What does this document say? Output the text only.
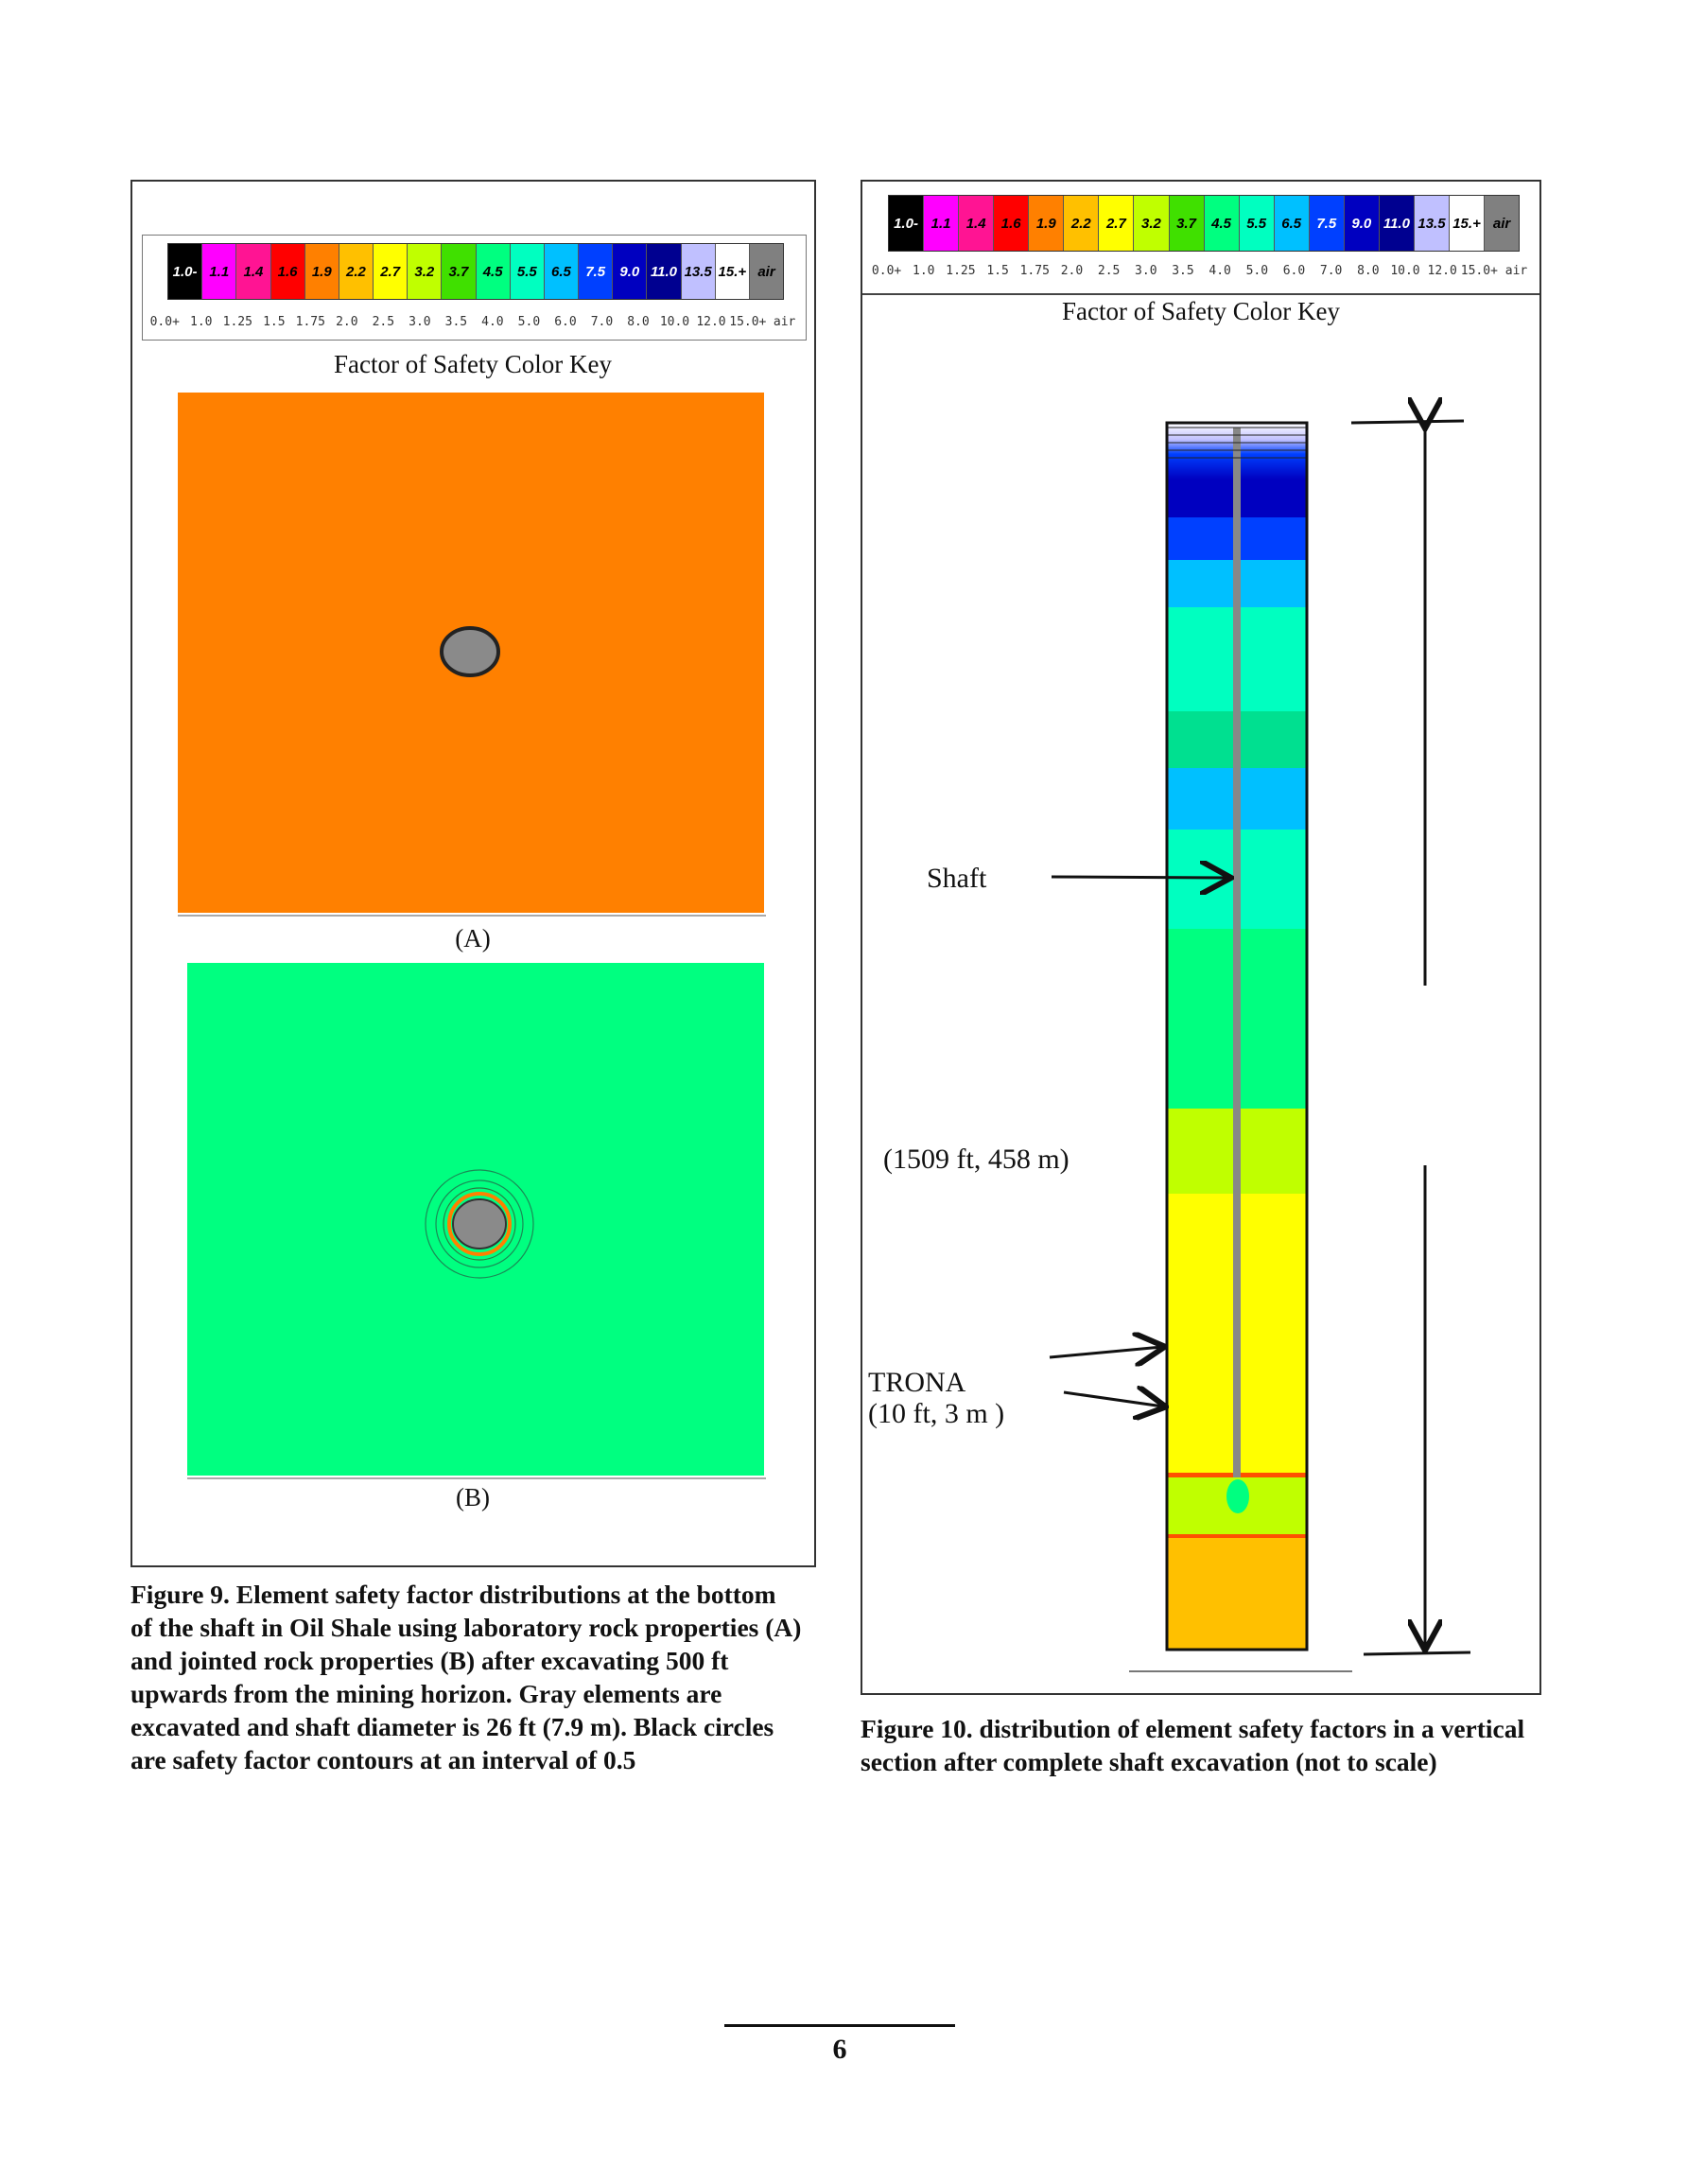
1.0- 1.1	1.4	1.6	1.9	2.2	2.7	3.2	3.7	4.5	5.5	6.5	7.5	9.0 11.0 13.5 15.+ air
0.0+ 1.0 1.25 1.5 1.75 2.0	2.5	3.0	3.5	4.0	5.0	6.0	7.0	8.0 10.0 12.0 15.0+ air
Factor of Safety Color Key
(A)
(B)
Figure 9. Element safety factor distributions at the bottom of the shaft in Oil Shale using laboratory rock properties (A) and jointed rock properties (B) after excavating 500 ft upwards from the mining horizon. Gray elements are excavated and shaft diameter is 26 ft (7.9 m). Black circles are safety factor contours at an interval of 0.5
1.0- 1.1	1.4	1.6	1.9	2.2	2.7	3.2	3.7	4.5	5.5	6.5	7.5	9.0 11.0 13.5 15.+ air
0.0+ 1.0 1.25 1.5 1.75 2.0	2.5	3.0	3.5	4.0	5.0	6.0	7.0	8.0 10.0 12.0 15.0+ air
Factor of Safety Color Key
Shaft
(1509 ft, 458 m)
TRONA
(10 ft, 3 m )
Figure 10. distribution of element safety factors in a vertical section after complete shaft excavation (not to scale)
6
